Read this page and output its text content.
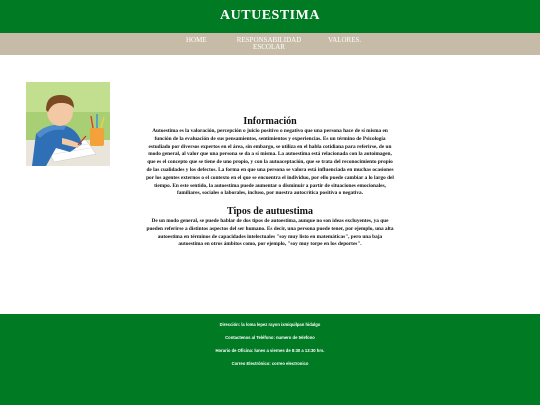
AUTUESTIMA
HOME	RESPONSABILIDAD ESCOLAR
VALORES.
Información

Autoestima es la valoración, percepción o juicio positivo o negativo que una persona hace de sí misma en función de la evaluación de sus pensamientos, sentimientos y experiencias. Es un término de Psicología estudiado por diversos expertos en el área, sin embargo, se utiliza en el habla cotidiana para referirse, de un modo general, al valor que una persona se da a sí misma. La autoestima está relacionada con la autoimagen, que es el concepto que se tiene de uno propio, y con la autoaceptación, que se trata del reconocimiento propio de las cualidades y los defectos. La forma en que una persona se valora está influenciada en muchas ocasiones por los agentes externos o el contexto en el que se encuentra el individuo, por ello puede cambiar a lo largo del tiempo. En este sentido, la autoestima puede aumentar o disminuir a partir de situaciones emocionales, familiares, sociales o laborales, incluso, por nuestra autocrítica positiva o negativa.

Tipos de autuestima

De un modo general, se puede hablar de dos tipos de autoestima, aunque no son ideas excluyentes, ya que pueden referirse a distintos aspectos del ser humano. Es decir, una persona puede tener, por ejemplo, una alta autoestima en términos de capacidades intelectuales "soy muy listo en matemáticas", pero una baja autoestima en otros ámbitos como, por ejemplo, "soy muy torpe en los deportes".

Dirección: la loma lepez rayon ixmiquilpan hidalgo
Contactenos al Teléfono: numero de telefono
Horario de Oficina: lunes a viernes de 8:30 a 13:30 hrs.
Correo Electrónico: correo electronico
